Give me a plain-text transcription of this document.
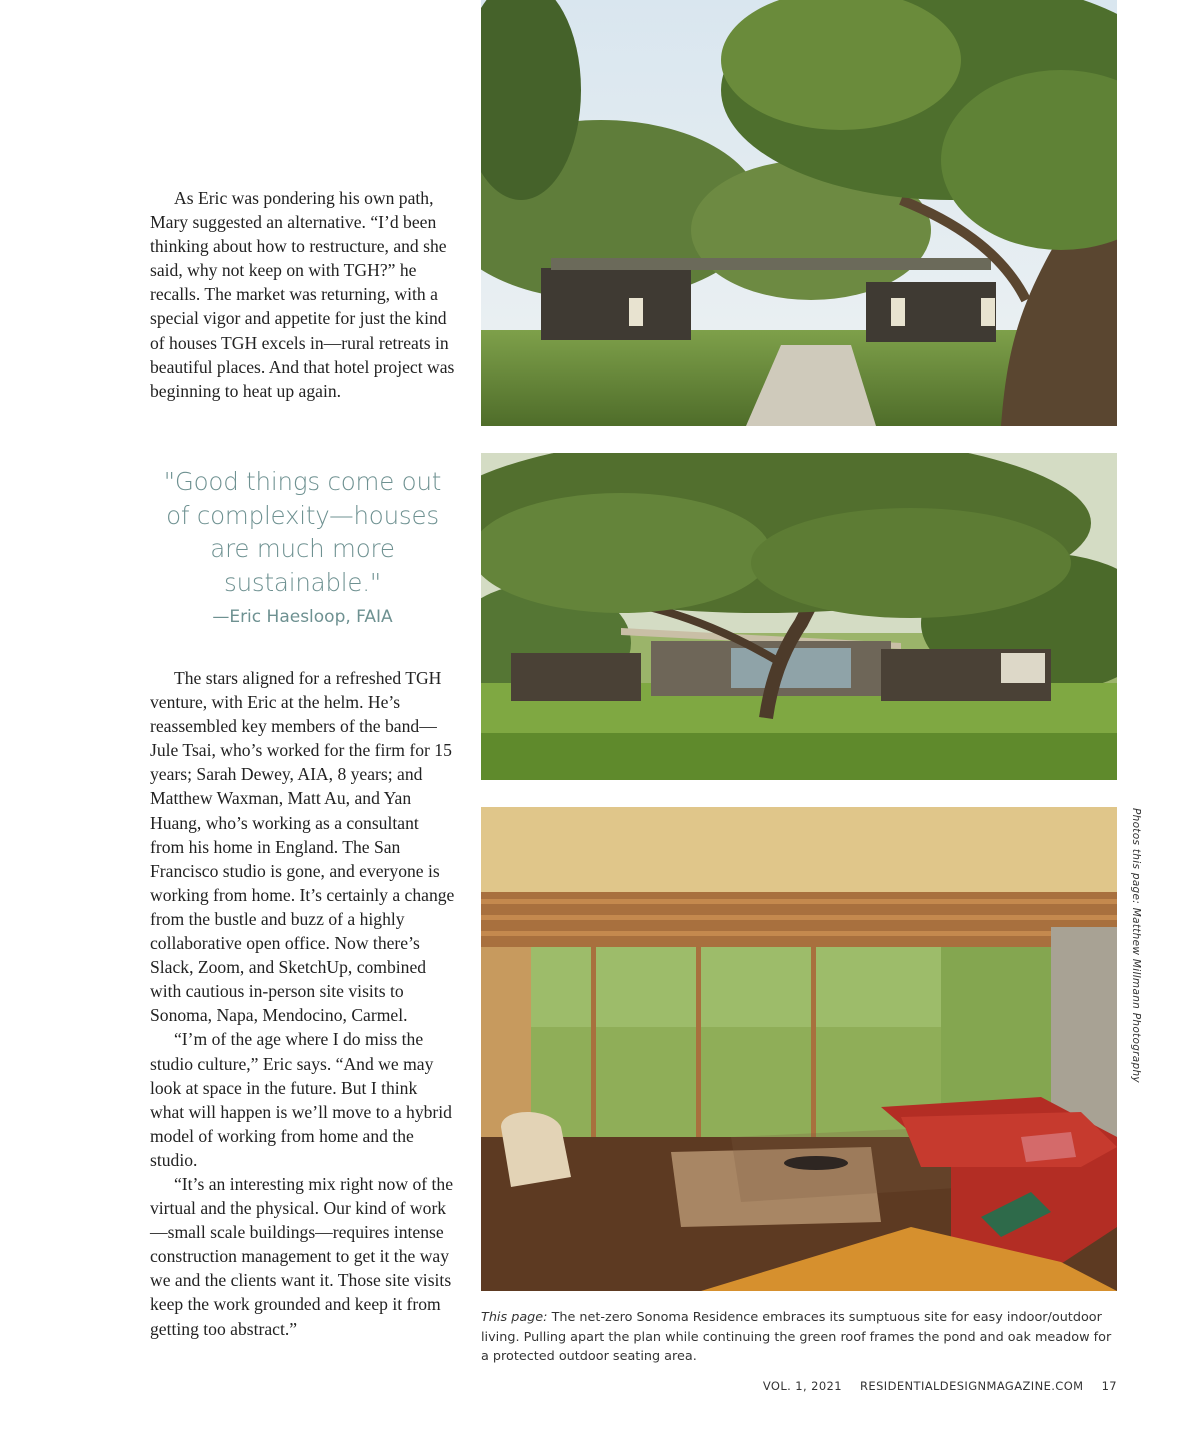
As Eric was pondering his own path, Mary suggested an alternative. “I’d been thinking about how to restructure, and she said, why not keep on with TGH?” he recalls. The market was returning, with a special vigor and appetite for just the kind of houses TGH excels in—rural retreats in beautiful places. And that hotel project was beginning to heat up again.

"Good things come out of complexity—houses are much more sustainable."
—Eric Haesloop, FAIA

The stars aligned for a refreshed TGH venture, with Eric at the helm. He’s reassembled key members of the band—Jule Tsai, who’s worked for the firm for 15 years; Sarah Dewey, AIA, 8 years; and Matthew Waxman, Matt Au, and Yan Huang, who’s working as a consultant from his home in England. The San Francisco studio is gone, and everyone is working from home. It’s certainly a change from the bustle and buzz of a highly collaborative open office. Now there’s Slack, Zoom, and SketchUp, combined with cautious in-person site visits to Sonoma, Napa, Mendocino, Carmel.

“I’m of the age where I do miss the studio culture,” Eric says. “And we may look at space in the future. But I think what will happen is we’ll move to a hybrid model of working from home and the studio.

“It’s an interesting mix right now of the virtual and the physical. Our kind of work—small scale buildings—requires intense construction management to get it the way we and the clients want it. Those site visits keep the work grounded and keep it from getting too abstract.”

Photos this page: Matthew Millmann Photography
This page: The net-zero Sonoma Residence embraces its sumptuous site for easy indoor/outdoor living. Pulling apart the plan while continuing the green roof frames the pond and oak meadow for a protected outdoor seating area.
VOL. 1, 2021 RESIDENTIALDESIGNMAGAZINE.COM 17
